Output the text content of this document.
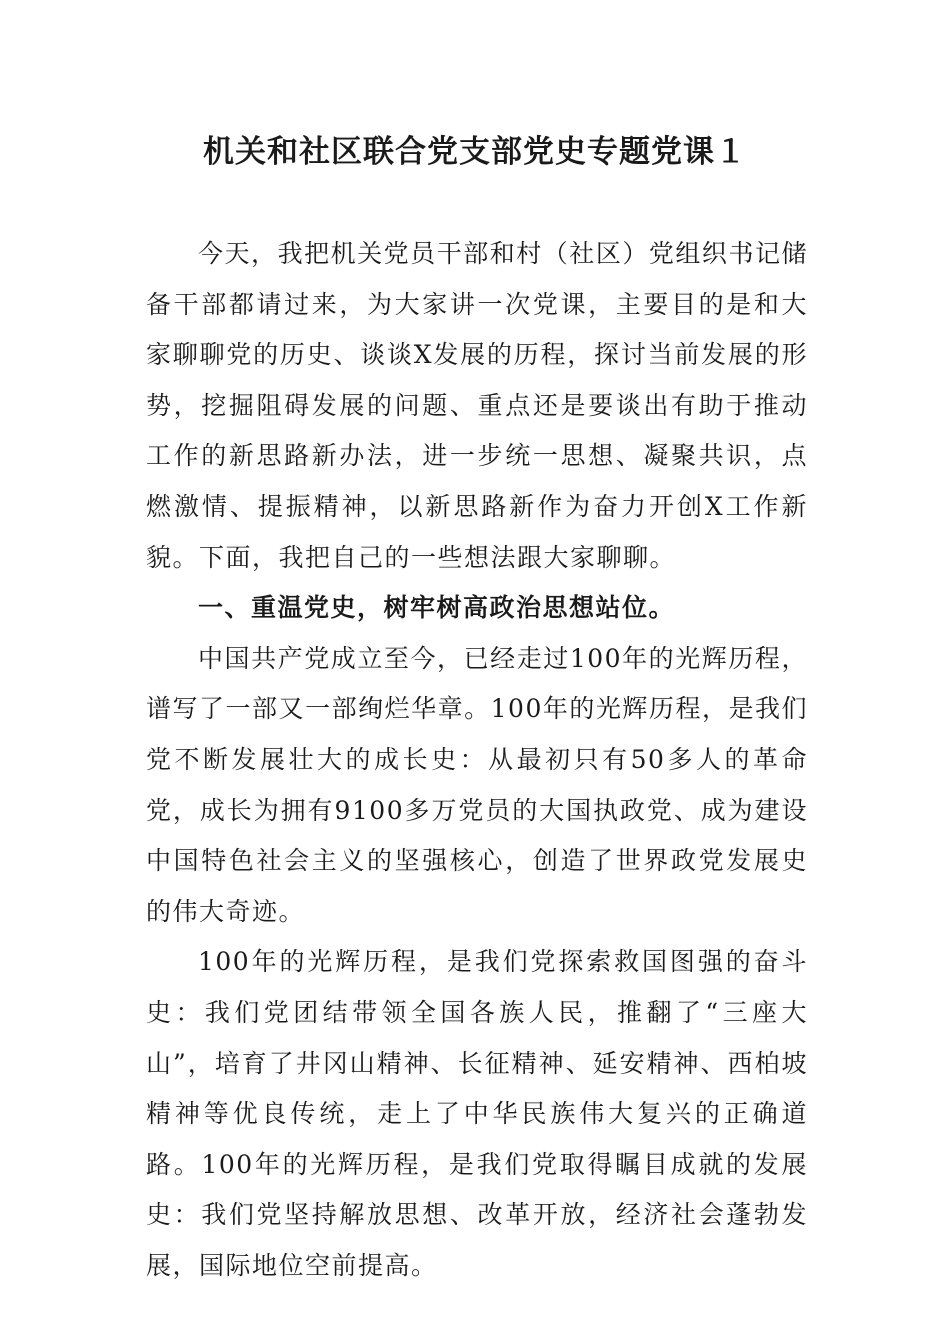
机关和社区联合党支部党史专题党课１

今天，我把机关党员干部和村（社区）党组织书记储备干部都请过来，为大家讲一次党课，主要目的是和大家聊聊党的历史、谈谈X发展的历程，探讨当前发展的形势，挖掘阻碍发展的问题、重点还是要谈出有助于推动工作的新思路新办法，进一步统一思想、凝聚共识，点燃激情、提振精神，以新思路新作为奋力开创X工作新貌。下面，我把自己的一些想法跟大家聊聊。

一、重温党史，树牢树高政治思想站位。

中国共产党成立至今，已经走过100年的光辉历程，谱写了一部又一部绚烂华章。100年的光辉历程，是我们党不断发展壮大的成长史：从最初只有50多人的革命党，成长为拥有9100多万党员的大国执政党、成为建设中国特色社会主义的坚强核心，创造了世界政党发展史的伟大奇迹。

100年的光辉历程，是我们党探索救国图强的奋斗史：我们党团结带领全国各族人民，推翻了“三座大山”，培育了井冈山精神、长征精神、延安精神、西柏坡精神等优良传统，走上了中华民族伟大复兴的正确道路。100年的光辉历程，是我们党取得瞩目成就的发展史：我们党坚持解放思想、改革开放，经济社会蓬勃发展，国际地位空前提高。
